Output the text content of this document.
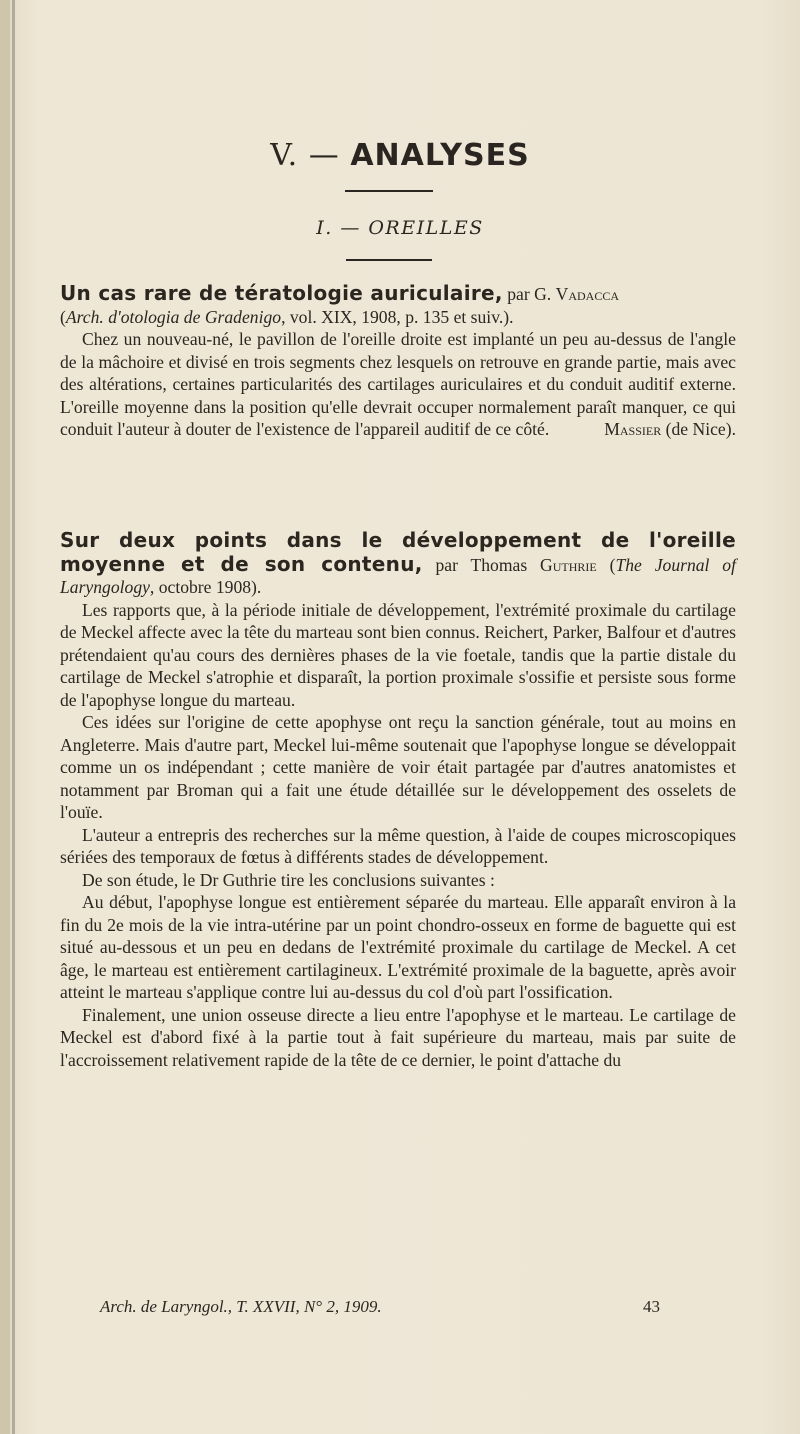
V. — ANALYSES
I. — OREILLES

Un cas rare de tératologie auriculaire, par G. Vadacca
(Arch. d'otologia de Gradenigo, vol. XIX, 1908, p. 135 et suiv.).

Chez un nouveau-né, le pavillon de l'oreille droite est implanté un peu au-dessus de l'angle de la mâchoire et divisé en trois segments chez lesquels on retrouve en grande partie, mais avec des altérations, certaines particularités des cartilages auriculaires et du conduit auditif externe. L'oreille moyenne dans la position qu'elle devrait occuper normalement paraît manquer, ce qui conduit l'auteur à douter de l'existence de l'appareil auditif de ce côté.	Massier (de Nice).

Sur deux points dans le développement de l'oreille moyenne et de son contenu, par Thomas Guthrie (The Journal of Laryngology, octobre 1908).

Les rapports que, à la période initiale de développement, l'extrémité proximale du cartilage de Meckel affecte avec la tête du marteau sont bien connus. Reichert, Parker, Balfour et d'autres prétendaient qu'au cours des dernières phases de la vie foetale, tandis que la partie distale du cartilage de Meckel s'atrophie et disparaît, la portion proximale s'ossifie et persiste sous forme de l'apophyse longue du marteau.

Ces idées sur l'origine de cette apophyse ont reçu la sanction générale, tout au moins en Angleterre. Mais d'autre part, Meckel lui-même soutenait que l'apophyse longue se développait comme un os indépendant ; cette manière de voir était partagée par d'autres anatomistes et notamment par Broman qui a fait une étude détaillée sur le développement des osselets de l'ouïe.

L'auteur a entrepris des recherches sur la même question, à l'aide de coupes microscopiques sériées des temporaux de fœtus à différents stades de développement.

De son étude, le Dr Guthrie tire les conclusions suivantes :

Au début, l'apophyse longue est entièrement séparée du marteau. Elle apparaît environ à la fin du 2e mois de la vie intra-utérine par un point chondro-osseux en forme de baguette qui est situé au-dessous et un peu en dedans de l'extrémité proximale du cartilage de Meckel. A cet âge, le marteau est entièrement cartilagineux. L'extrémité proximale de la baguette, après avoir atteint le marteau s'applique contre lui au-dessus du col d'où part l'ossification.

Finalement, une union osseuse directe a lieu entre l'apophyse et le marteau. Le cartilage de Meckel est d'abord fixé à la partie tout à fait supérieure du marteau, mais par suite de l'accroissement relativement rapide de la tête de ce dernier, le point d'attache du

Arch. de Laryngol., T. XXVII, N° 2, 1909.	43
